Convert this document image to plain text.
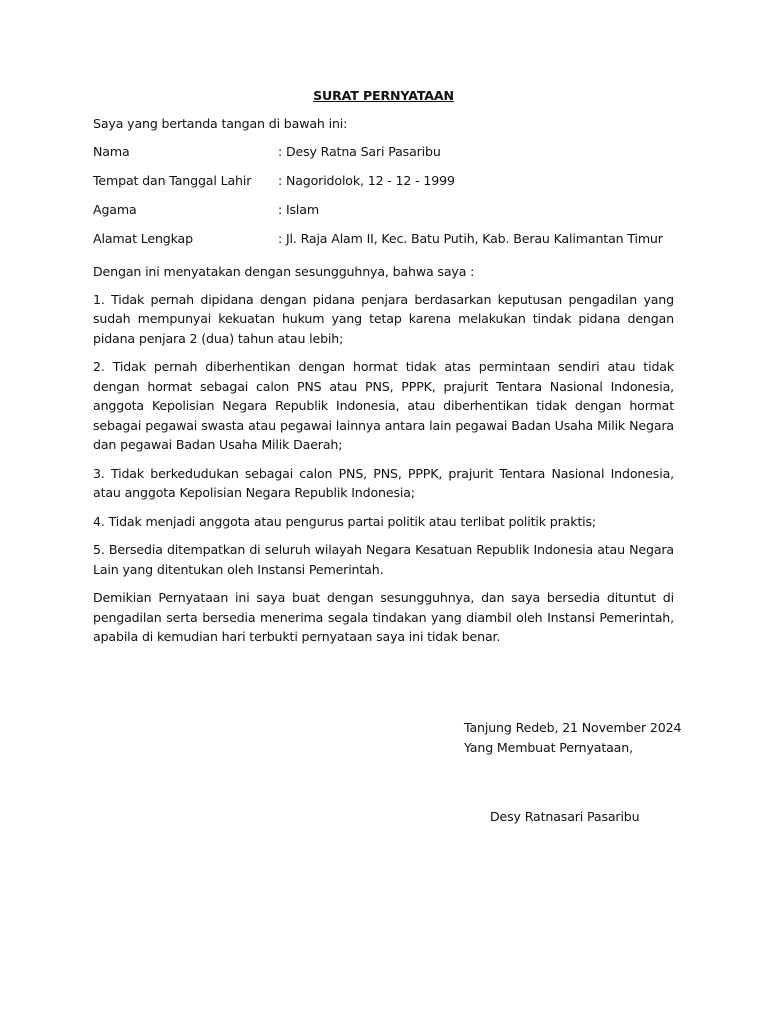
SURAT PERNYATAAN
Saya yang bertanda tangan di bawah ini:
Nama	: Desy Ratna Sari Pasaribu
Tempat dan Tanggal Lahir	: Nagoridolok, 12 - 12 - 1999
Agama	: Islam
Alamat Lengkap	: Jl. Raja Alam II, Kec. Batu Putih, Kab. Berau Kalimantan Timur
Dengan ini menyatakan dengan sesungguhnya, bahwa saya :
1. Tidak pernah dipidana dengan pidana penjara berdasarkan keputusan pengadilan yang sudah mempunyai kekuatan hukum yang tetap karena melakukan tindak pidana dengan pidana penjara 2 (dua) tahun atau lebih;
2. Tidak pernah diberhentikan dengan hormat tidak atas permintaan sendiri atau tidak dengan hormat sebagai calon PNS atau PNS, PPPK, prajurit Tentara Nasional Indonesia, anggota Kepolisian Negara Republik Indonesia, atau diberhentikan tidak dengan hormat sebagai pegawai swasta atau pegawai lainnya antara lain pegawai Badan Usaha Milik Negara dan pegawai Badan Usaha Milik Daerah;
3. Tidak berkedudukan sebagai calon PNS, PNS, PPPK, prajurit Tentara Nasional Indonesia, atau anggota Kepolisian Negara Republik Indonesia;
4. Tidak menjadi anggota atau pengurus partai politik atau terlibat politik praktis;
5. Bersedia ditempatkan di seluruh wilayah Negara Kesatuan Republik Indonesia atau Negara Lain yang ditentukan oleh Instansi Pemerintah.
Demikian Pernyataan ini saya buat dengan sesungguhnya, dan saya bersedia dituntut di pengadilan serta bersedia menerima segala tindakan yang diambil oleh Instansi Pemerintah, apabila di kemudian hari terbukti pernyataan saya ini tidak benar.
Tanjung Redeb, 21 November 2024
Yang Membuat Pernyataan,
Desy Ratnasari Pasaribu
